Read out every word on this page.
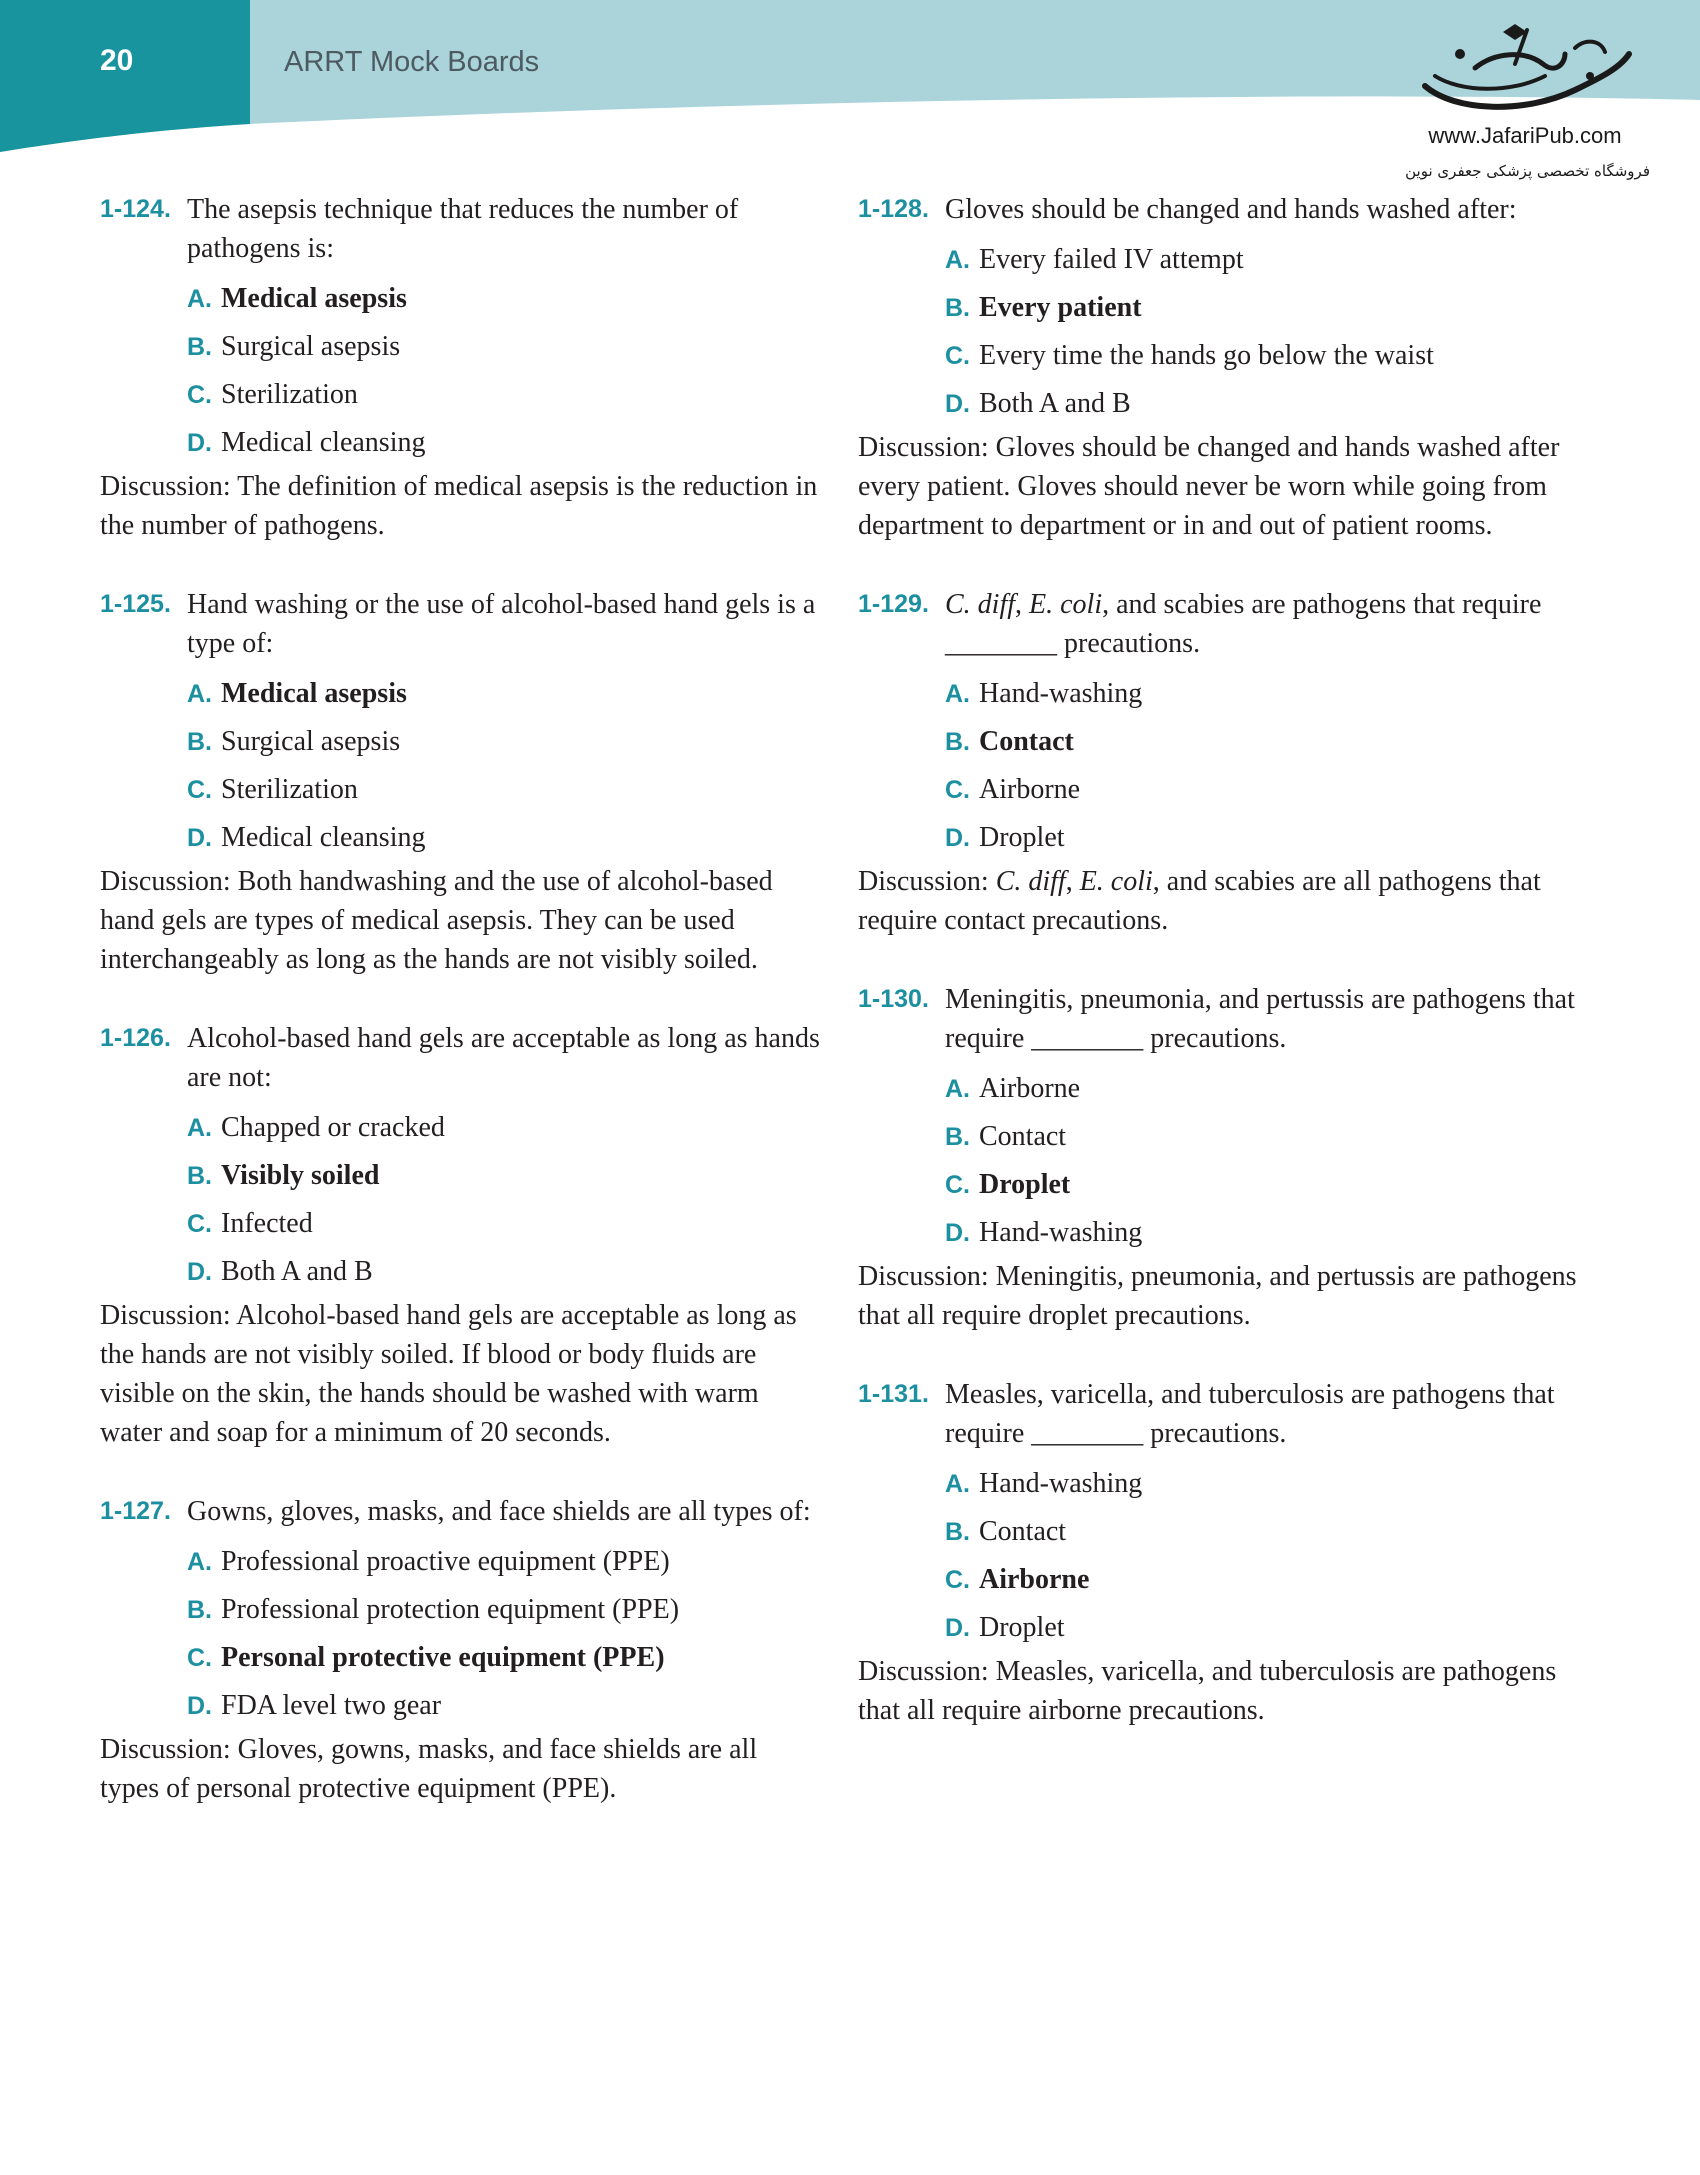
20	ARRT Mock Boards
www.JafariPub.com
فروشگاه تخصصی پزشکی جعفری نوین
1-124. The asepsis technique that reduces the number of pathogens is:
A. Medical asepsis
B. Surgical asepsis
C. Sterilization
D. Medical cleansing
Discussion: The definition of medical asepsis is the reduction in the number of pathogens.
1-125. Hand washing or the use of alcohol-based hand gels is a type of:
A. Medical asepsis
B. Surgical asepsis
C. Sterilization
D. Medical cleansing
Discussion: Both handwashing and the use of alcohol-based hand gels are types of medical asepsis. They can be used interchangeably as long as the hands are not visibly soiled.
1-126. Alcohol-based hand gels are acceptable as long as hands are not:
A. Chapped or cracked
B. Visibly soiled
C. Infected
D. Both A and B
Discussion: Alcohol-based hand gels are acceptable as long as the hands are not visibly soiled. If blood or body fluids are visible on the skin, the hands should be washed with warm water and soap for a minimum of 20 seconds.
1-127. Gowns, gloves, masks, and face shields are all types of:
A. Professional proactive equipment (PPE)
B. Professional protection equipment (PPE)
C. Personal protective equipment (PPE)
D. FDA level two gear
Discussion: Gloves, gowns, masks, and face shields are all types of personal protective equipment (PPE).
1-128. Gloves should be changed and hands washed after:
A. Every failed IV attempt
B. Every patient
C. Every time the hands go below the waist
D. Both A and B
Discussion: Gloves should be changed and hands washed after every patient. Gloves should never be worn while going from department to department or in and out of patient rooms.
1-129. C. diff, E. coli, and scabies are pathogens that require ________ precautions.
A. Hand-washing
B. Contact
C. Airborne
D. Droplet
Discussion: C. diff, E. coli, and scabies are all pathogens that require contact precautions.
1-130. Meningitis, pneumonia, and pertussis are pathogens that require ________ precautions.
A. Airborne
B. Contact
C. Droplet
D. Hand-washing
Discussion: Meningitis, pneumonia, and pertussis are pathogens that all require droplet precautions.
1-131. Measles, varicella, and tuberculosis are pathogens that require ________ precautions.
A. Hand-washing
B. Contact
C. Airborne
D. Droplet
Discussion: Measles, varicella, and tuberculosis are pathogens that all require airborne precautions.
